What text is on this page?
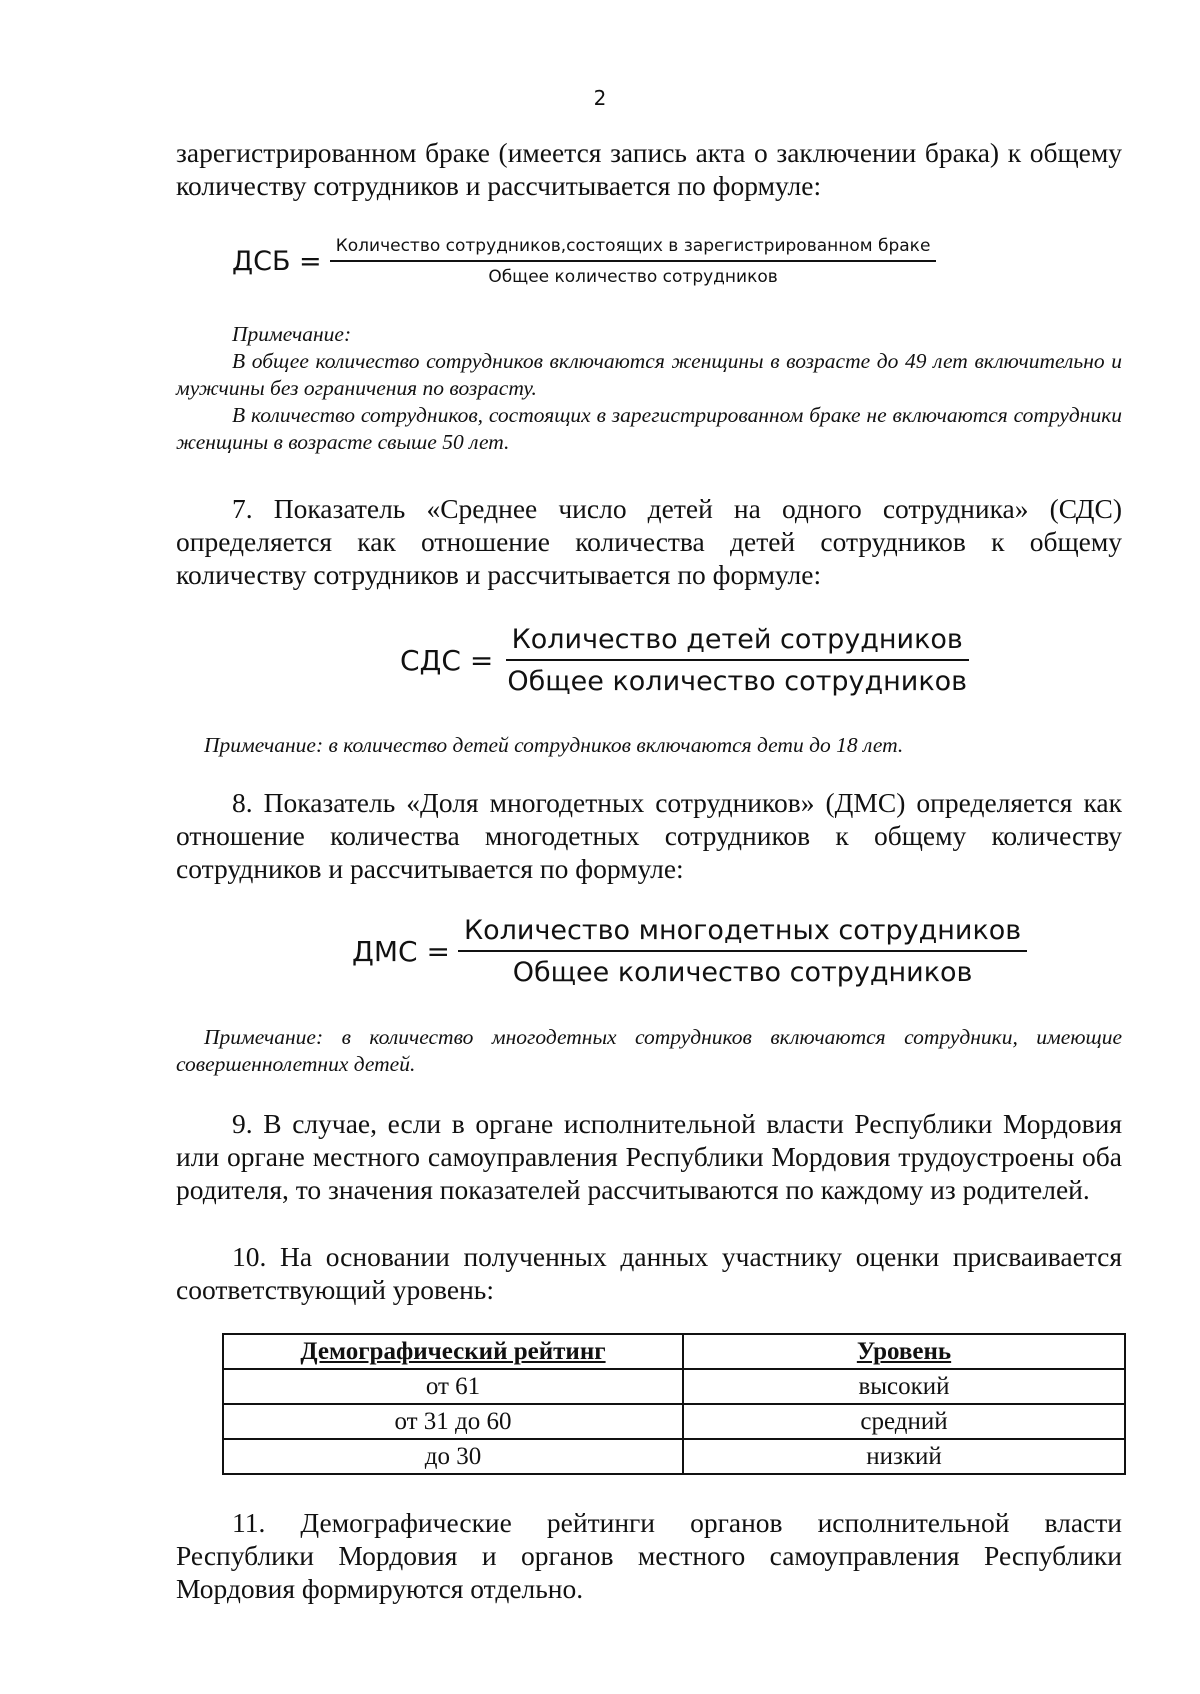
2
зарегистрированном браке (имеется запись акта о заключении брака) к общему количеству сотрудников и рассчитывается по формуле:
ДСБ = $\frac{\text{Количество сотрудников,состоящих в зарегистрированном браке}}{\text{Общее количество сотрудников}}$

Примечание:

В общее количество сотрудников включаются женщины в возрасте до 49 лет включительно и мужчины без ограничения по возрасту.

В количество сотрудников, состоящих в зарегистрированном браке не включаются сотрудники женщины в возрасте свыше 50 лет.

7. Показатель «Среднее число детей на одного сотрудника» (СДС) определяется как отношение количества детей сотрудников к общему количеству сотрудников и рассчитывается по формуле:
СДС = $\frac{\text{Количество детей сотрудников}}{\text{Общее количество сотрудников}}$
Примечание: в количество детей сотрудников включаются дети до 18 лет.
8. Показатель «Доля многодетных сотрудников» (ДМС) определяется как отношение количества многодетных сотрудников к общему количеству сотрудников и рассчитывается по формуле:
ДМС = $\frac{\text{Количество многодетных сотрудников}}{\text{Общее количество сотрудников}}$
Примечание: в количество многодетных сотрудников включаются сотрудники, имеющие совершеннолетних детей.
9. В случае, если в органе исполнительной власти Республики Мордовия или органе местного самоуправления Республики Мордовия трудоустроены оба родителя, то значения показателей рассчитываются по каждому из родителей.
10. На основании полученных данных участнику оценки присваивается соответствующий уровень:
Демографический рейтинг	Уровень
от 61	высокий
от 31 до 60	средний
до 30	низкий
11. Демографические рейтинги органов исполнительной власти Республики Мордовия и органов местного самоуправления Республики Мордовия формируются отдельно.
